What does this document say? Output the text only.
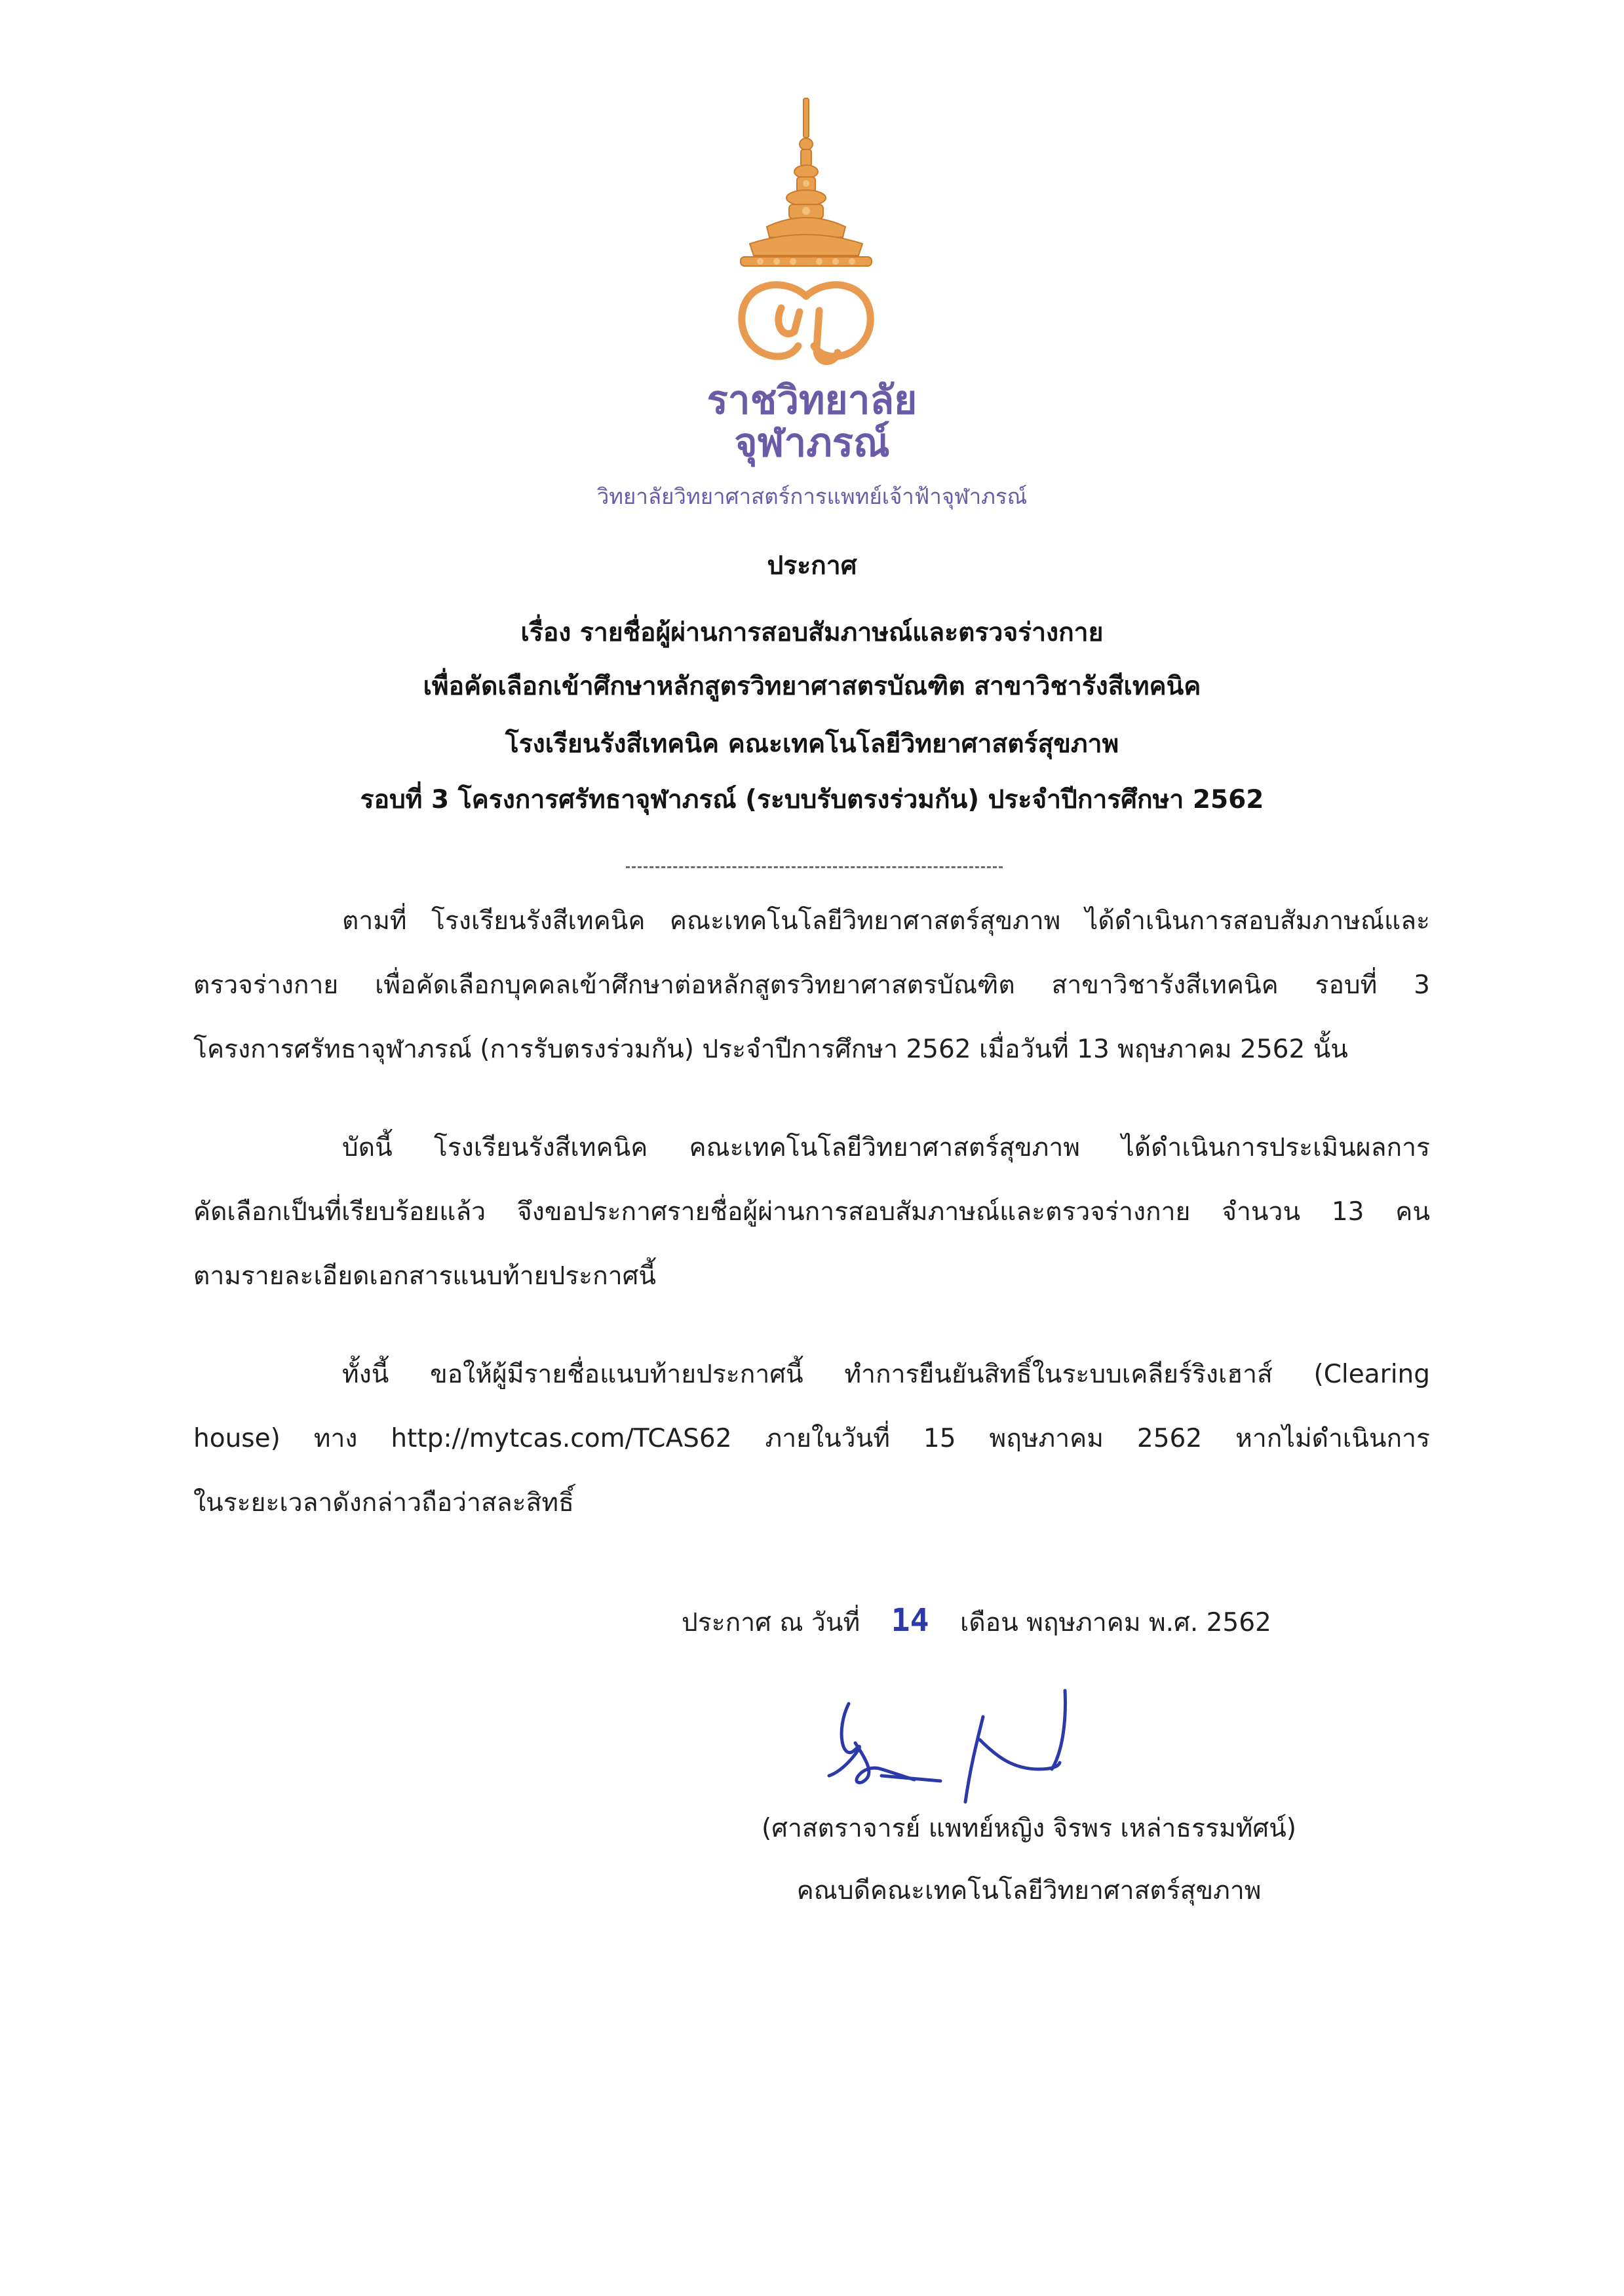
ราชวิทยาลัย
จุฬาภรณ์
วิทยาลัยวิทยาศาสตร์การแพทย์เจ้าฟ้าจุฬาภรณ์
ประกาศ
เรื่อง รายชื่อผู้ผ่านการสอบสัมภาษณ์และตรวจร่างกาย
เพื่อคัดเลือกเข้าศึกษาหลักสูตรวิทยาศาสตรบัณฑิต สาขาวิชารังสีเทคนิค
โรงเรียนรังสีเทคนิค คณะเทคโนโลยีวิทยาศาสตร์สุขภาพ
รอบที่ 3 โครงการศรัทธาจุฬาภรณ์ (ระบบรับตรงร่วมกัน) ประจำปีการศึกษา 2562
ตามที่ โรงเรียนรังสีเทคนิค คณะเทคโนโลยีวิทยาศาสตร์สุขภาพ ได้ดำเนินการสอบสัมภาษณ์และ
ตรวจร่างกาย เพื่อคัดเลือกบุคคลเข้าศึกษาต่อหลักสูตรวิทยาศาสตรบัณฑิต สาขาวิชารังสีเทคนิค รอบที่ 3
โครงการศรัทธาจุฬาภรณ์ (การรับตรงร่วมกัน) ประจำปีการศึกษา 2562 เมื่อวันที่ 13 พฤษภาคม 2562 นั้น
บัดนี้ โรงเรียนรังสีเทคนิค คณะเทคโนโลยีวิทยาศาสตร์สุขภาพ ได้ดำเนินการประเมินผลการ
คัดเลือกเป็นที่เรียบร้อยแล้ว จึงขอประกาศรายชื่อผู้ผ่านการสอบสัมภาษณ์และตรวจร่างกาย จำนวน 13 คน
ตามรายละเอียดเอกสารแนบท้ายประกาศนี้
ทั้งนี้ ขอให้ผู้มีรายชื่อแนบท้ายประกาศนี้ ทำการยืนยันสิทธิ์ในระบบเคลียร์ริงเฮาส์ (Clearing
house) ทาง http://mytcas.com/TCAS62 ภายในวันที่ 15 พฤษภาคม 2562 หากไม่ดำเนินการ
ในระยะเวลาดังกล่าวถือว่าสละสิทธิ์
ประกาศ ณ วันที่ 14 เดือน พฤษภาคม พ.ศ. 2562
(ศาสตราจารย์ แพทย์หญิง จิรพร เหล่าธรรมทัศน์)
คณบดีคณะเทคโนโลยีวิทยาศาสตร์สุขภาพ
